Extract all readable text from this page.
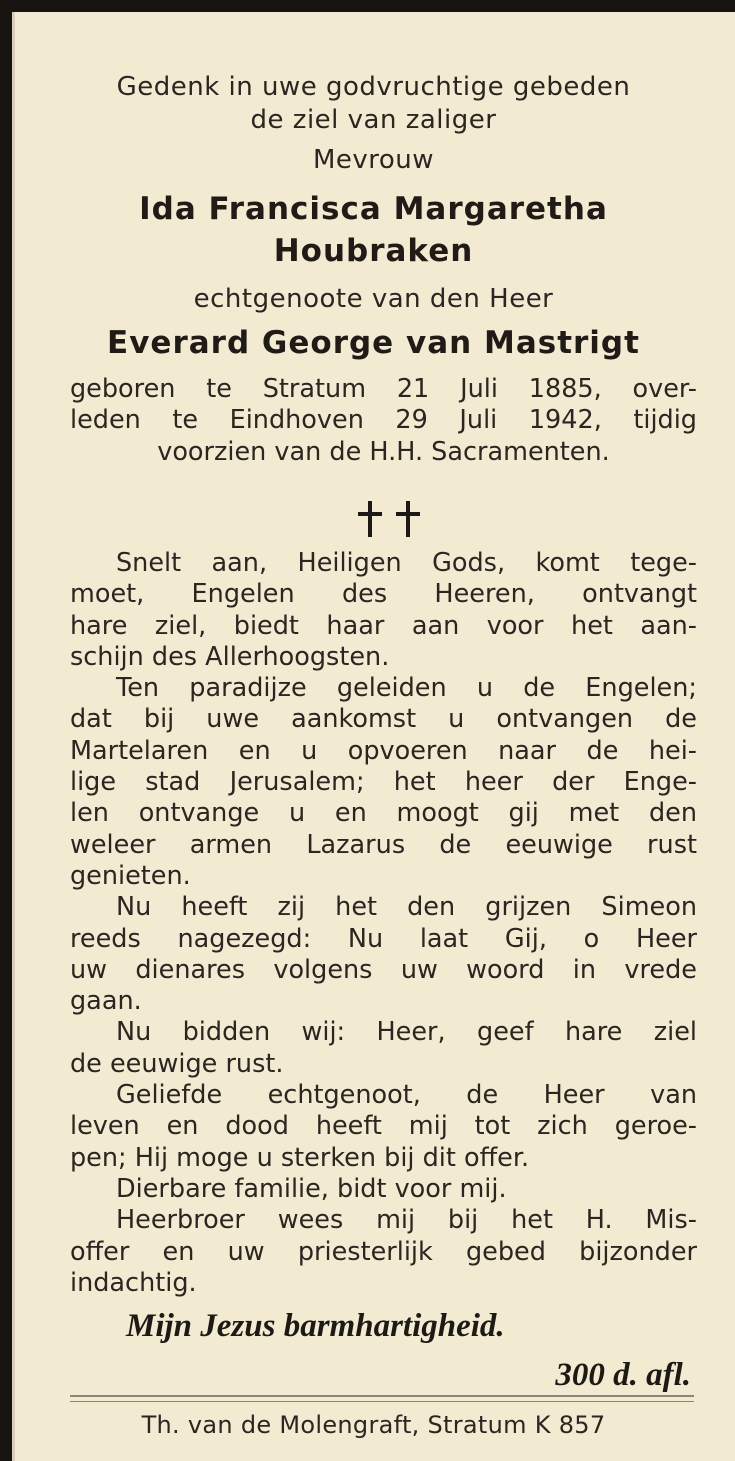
Gedenk in uwe godvruchtige gebeden
de ziel van zaliger
Mevrouw
Ida Francisca Margaretha
Houbraken
echtgenoote van den Heer
Everard George van Mastrigt
geboren te Stratum 21 Juli 1885, over-
leden te Eindhoven 29 Juli 1942, tijdig
voorzien van de H.H. Sacramenten.
Snelt aan, Heiligen Gods, komt tege-
moet, Engelen des Heeren, ontvangt
hare ziel, biedt haar aan voor het aan-
schijn des Allerhoogsten.
Ten paradijze geleiden u de Engelen;
dat bij uwe aankomst u ontvangen de
Martelaren en u opvoeren naar de hei-
lige stad Jerusalem; het heer der Enge-
len ontvange u en moogt gij met den
weleer armen Lazarus de eeuwige rust
genieten.
Nu heeft zij het den grijzen Simeon
reeds nagezegd: Nu laat Gij, o Heer
uw dienares volgens uw woord in vrede
gaan.
Nu bidden wij: Heer, geef hare ziel
de eeuwige rust.
Geliefde echtgenoot, de Heer van
leven en dood heeft mij tot zich geroe-
pen; Hij moge u sterken bij dit offer.
Dierbare familie, bidt voor mij.
Heerbroer wees mij bij het H. Mis-
offer en uw priesterlijk gebed bijzonder
indachtig.
Mijn Jezus barmhartigheid.
300 d. afl.
Th. van de Molengraft, Stratum K 857
